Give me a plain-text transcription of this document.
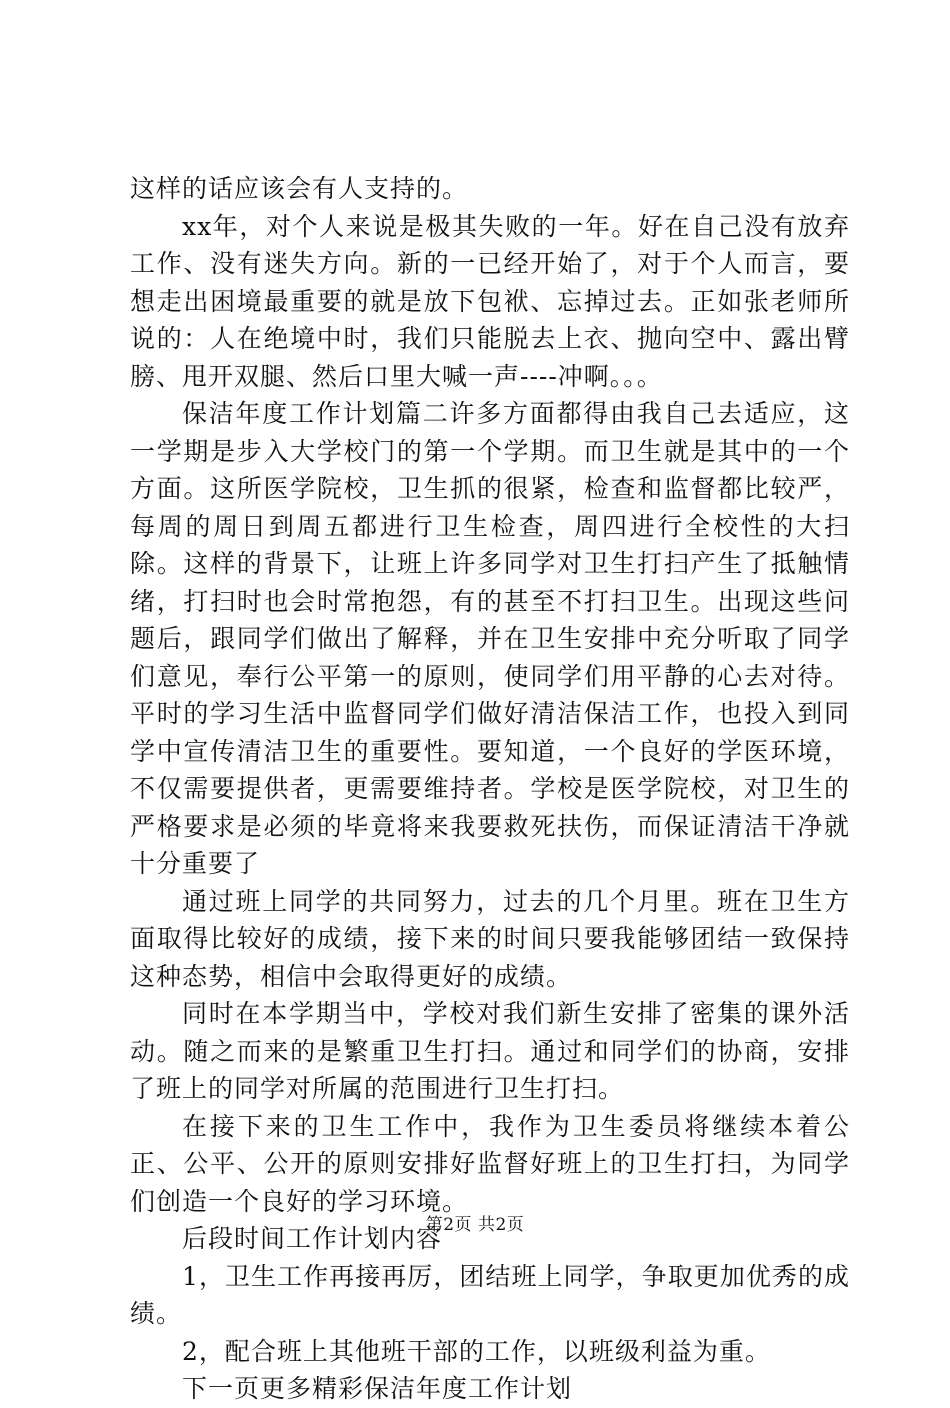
这样的话应该会有人支持的。

xx年，对个人来说是极其失败的一年。好在自己没有放弃工作、没有迷失方向。新的一已经开始了，对于个人而言，要想走出困境最重要的就是放下包袱、忘掉过去。正如张老师所说的：人在绝境中时，我们只能脱去上衣、抛向空中、露出臂膀、甩开双腿、然后口里大喊一声----冲啊。。。

保洁年度工作计划篇二许多方面都得由我自己去适应，这一学期是步入大学校门的第一个学期。而卫生就是其中的一个方面。这所医学院校，卫生抓的很紧，检查和监督都比较严，每周的周日到周五都进行卫生检查，周四进行全校性的大扫除。这样的背景下，让班上许多同学对卫生打扫产生了抵触情绪，打扫时也会时常抱怨，有的甚至不打扫卫生。出现这些问题后，跟同学们做出了解释，并在卫生安排中充分听取了同学们意见，奉行公平第一的原则，使同学们用平静的心去对待。平时的学习生活中监督同学们做好清洁保洁工作，也投入到同学中宣传清洁卫生的重要性。要知道，一个良好的学医环境，不仅需要提供者，更需要维持者。学校是医学院校，对卫生的严格要求是必须的毕竟将来我要救死扶伤，而保证清洁干净就十分重要了

通过班上同学的共同努力，过去的几个月里。班在卫生方面取得比较好的成绩，接下来的时间只要我能够团结一致保持这种态势，相信中会取得更好的成绩。

同时在本学期当中，学校对我们新生安排了密集的课外活动。随之而来的是繁重卫生打扫。通过和同学们的协商，安排了班上的同学对所属的范围进行卫生打扫。

在接下来的卫生工作中，我作为卫生委员将继续本着公正、公平、公开的原则安排好监督好班上的卫生打扫，为同学们创造一个良好的学习环境。

后段时间工作计划内容

1，卫生工作再接再厉，团结班上同学，争取更加优秀的成绩。

2，配合班上其他班干部的工作，以班级利益为重。

下一页更多精彩保洁年度工作计划

第2页 共2页
